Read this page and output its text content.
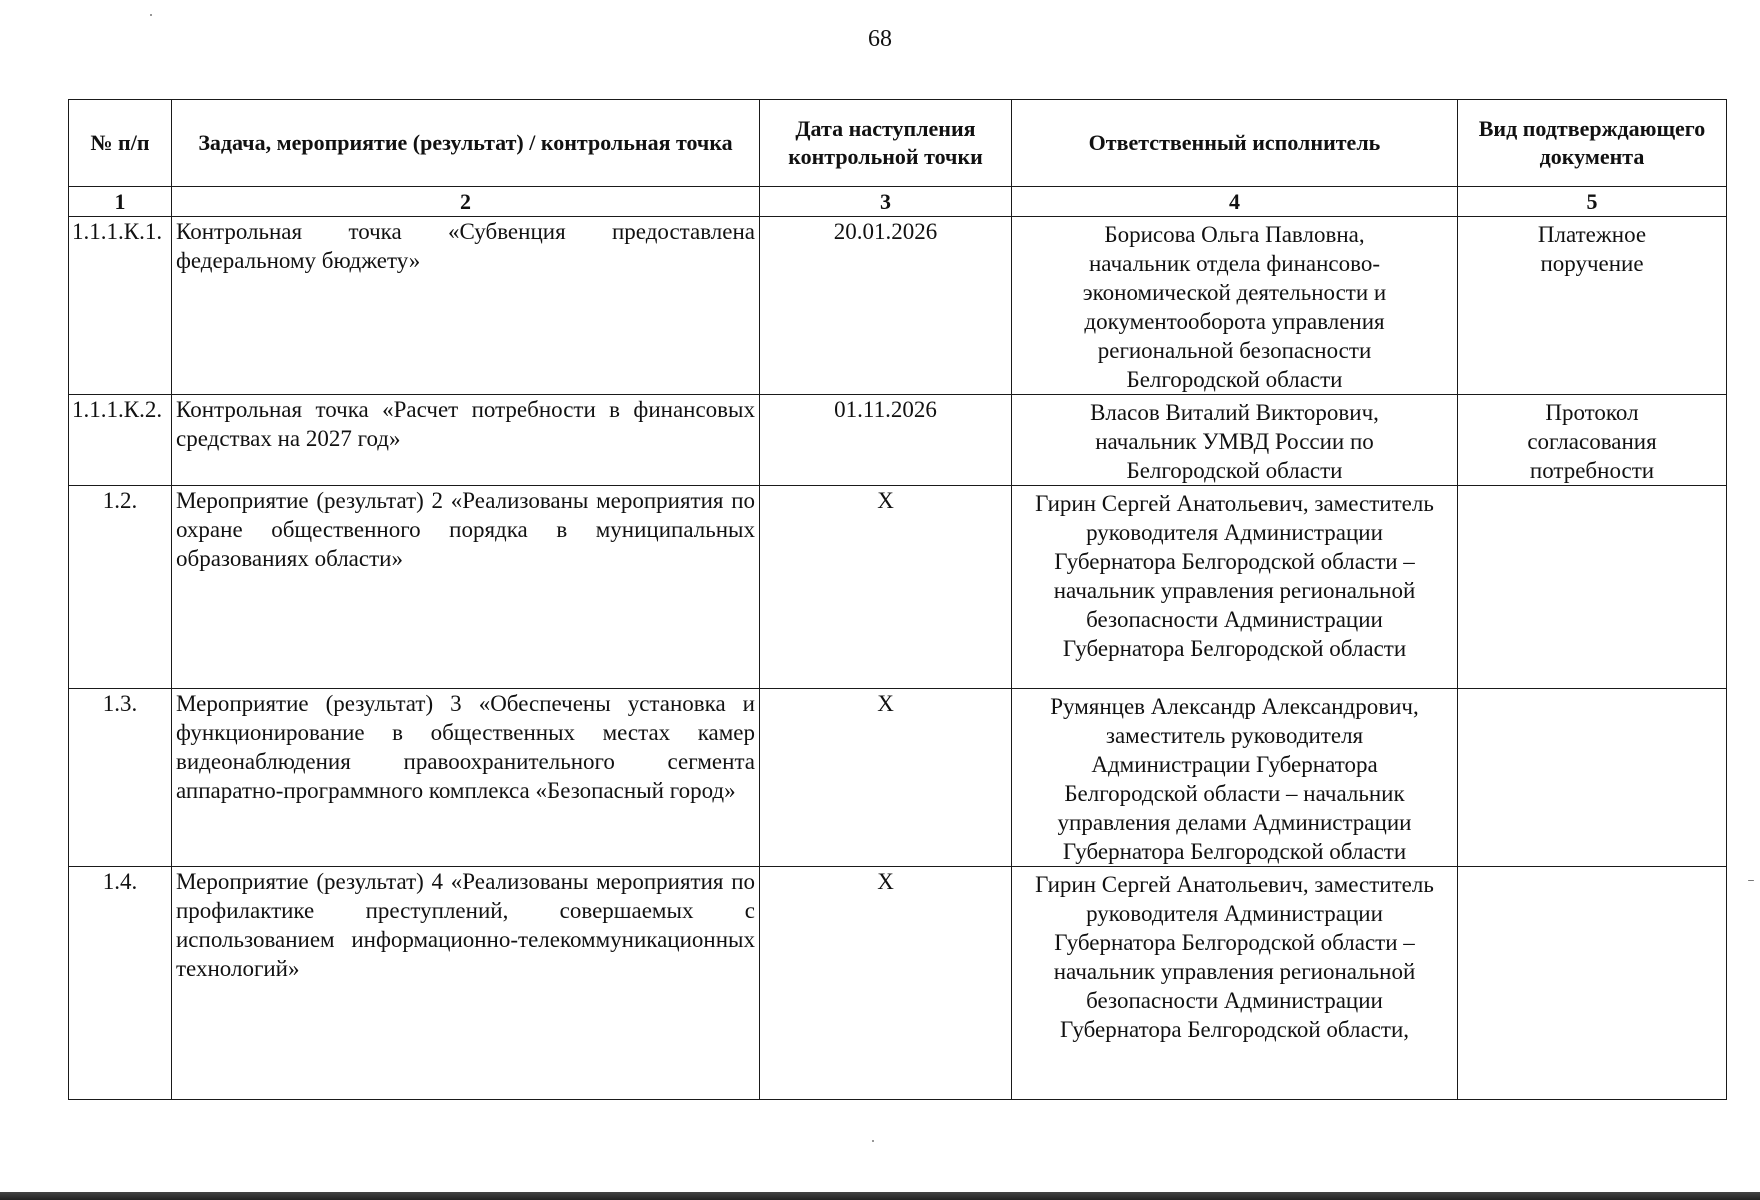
68
№ п/п	Задача, мероприятие (результат) / контрольная точка	Дата наступления контрольной точки	Ответственный исполнитель	Вид подтверждающего документа
1	2	3	4	5
1.1.1.К.1.	Контрольная точка «Субвенция предоставлена федеральному бюджету»	20.01.2026	Борисова Ольга Павловна, начальник отдела финансово-экономической деятельности и документооборота управления региональной безопасности Белгородской области	Платежное поручение
1.1.1.К.2.	Контрольная точка «Расчет потребности в финансовых средствах на 2027 год»	01.11.2026	Власов Виталий Викторович, начальник УМВД России по Белгородской области	Протокол согласования потребности
1.2.	Мероприятие (результат) 2 «Реализованы мероприятия по охране общественного порядка в муниципальных образованиях области»	X	Гирин Сергей Анатольевич, заместитель руководителя Администрации Губернатора Белгородской области – начальник управления региональной безопасности Администрации Губернатора Белгородской области	
1.3.	Мероприятие (результат) 3 «Обеспечены установка и функционирование в общественных местах камер видеонаблюдения правоохранительного сегмента аппаратно-программного комплекса «Безопасный город»	X	Румянцев Александр Александрович, заместитель руководителя Администрации Губернатора Белгородской области – начальник управления делами Администрации Губернатора Белгородской области	
1.4.	Мероприятие (результат) 4 «Реализованы мероприятия по профилактике преступлений, совершаемых с использованием информационно-телекоммуникационных технологий»	X	Гирин Сергей Анатольевич, заместитель руководителя Администрации Губернатора Белгородской области – начальник управления региональной безопасности Администрации Губернатора Белгородской области,	
